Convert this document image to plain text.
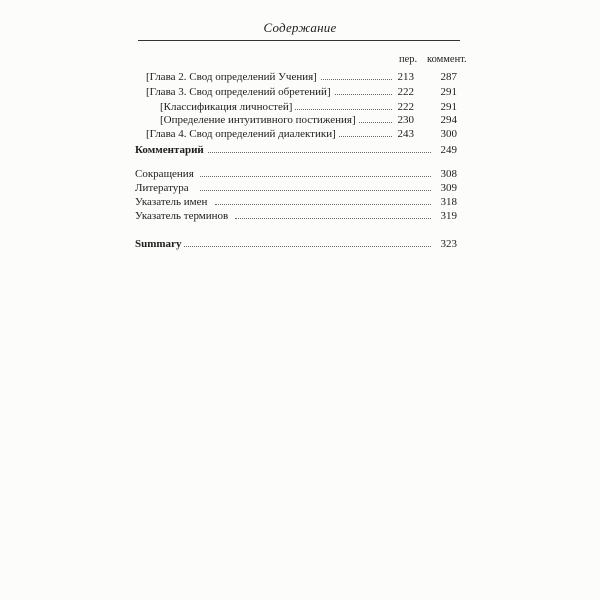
Содержание
пер. коммент.
[Глава 2. Свод определений Учения]	213 287
[Глава 3. Свод определений обретений]	222 291
[Классификация личностей]	222 291
[Определение интуитивного постижения]	230 294
[Глава 4. Свод определений диалектики]	243 300
Комментарий	249
Сокращения	308
Литература	309
Указатель имен	318
Указатель терминов	319
Summary	323
